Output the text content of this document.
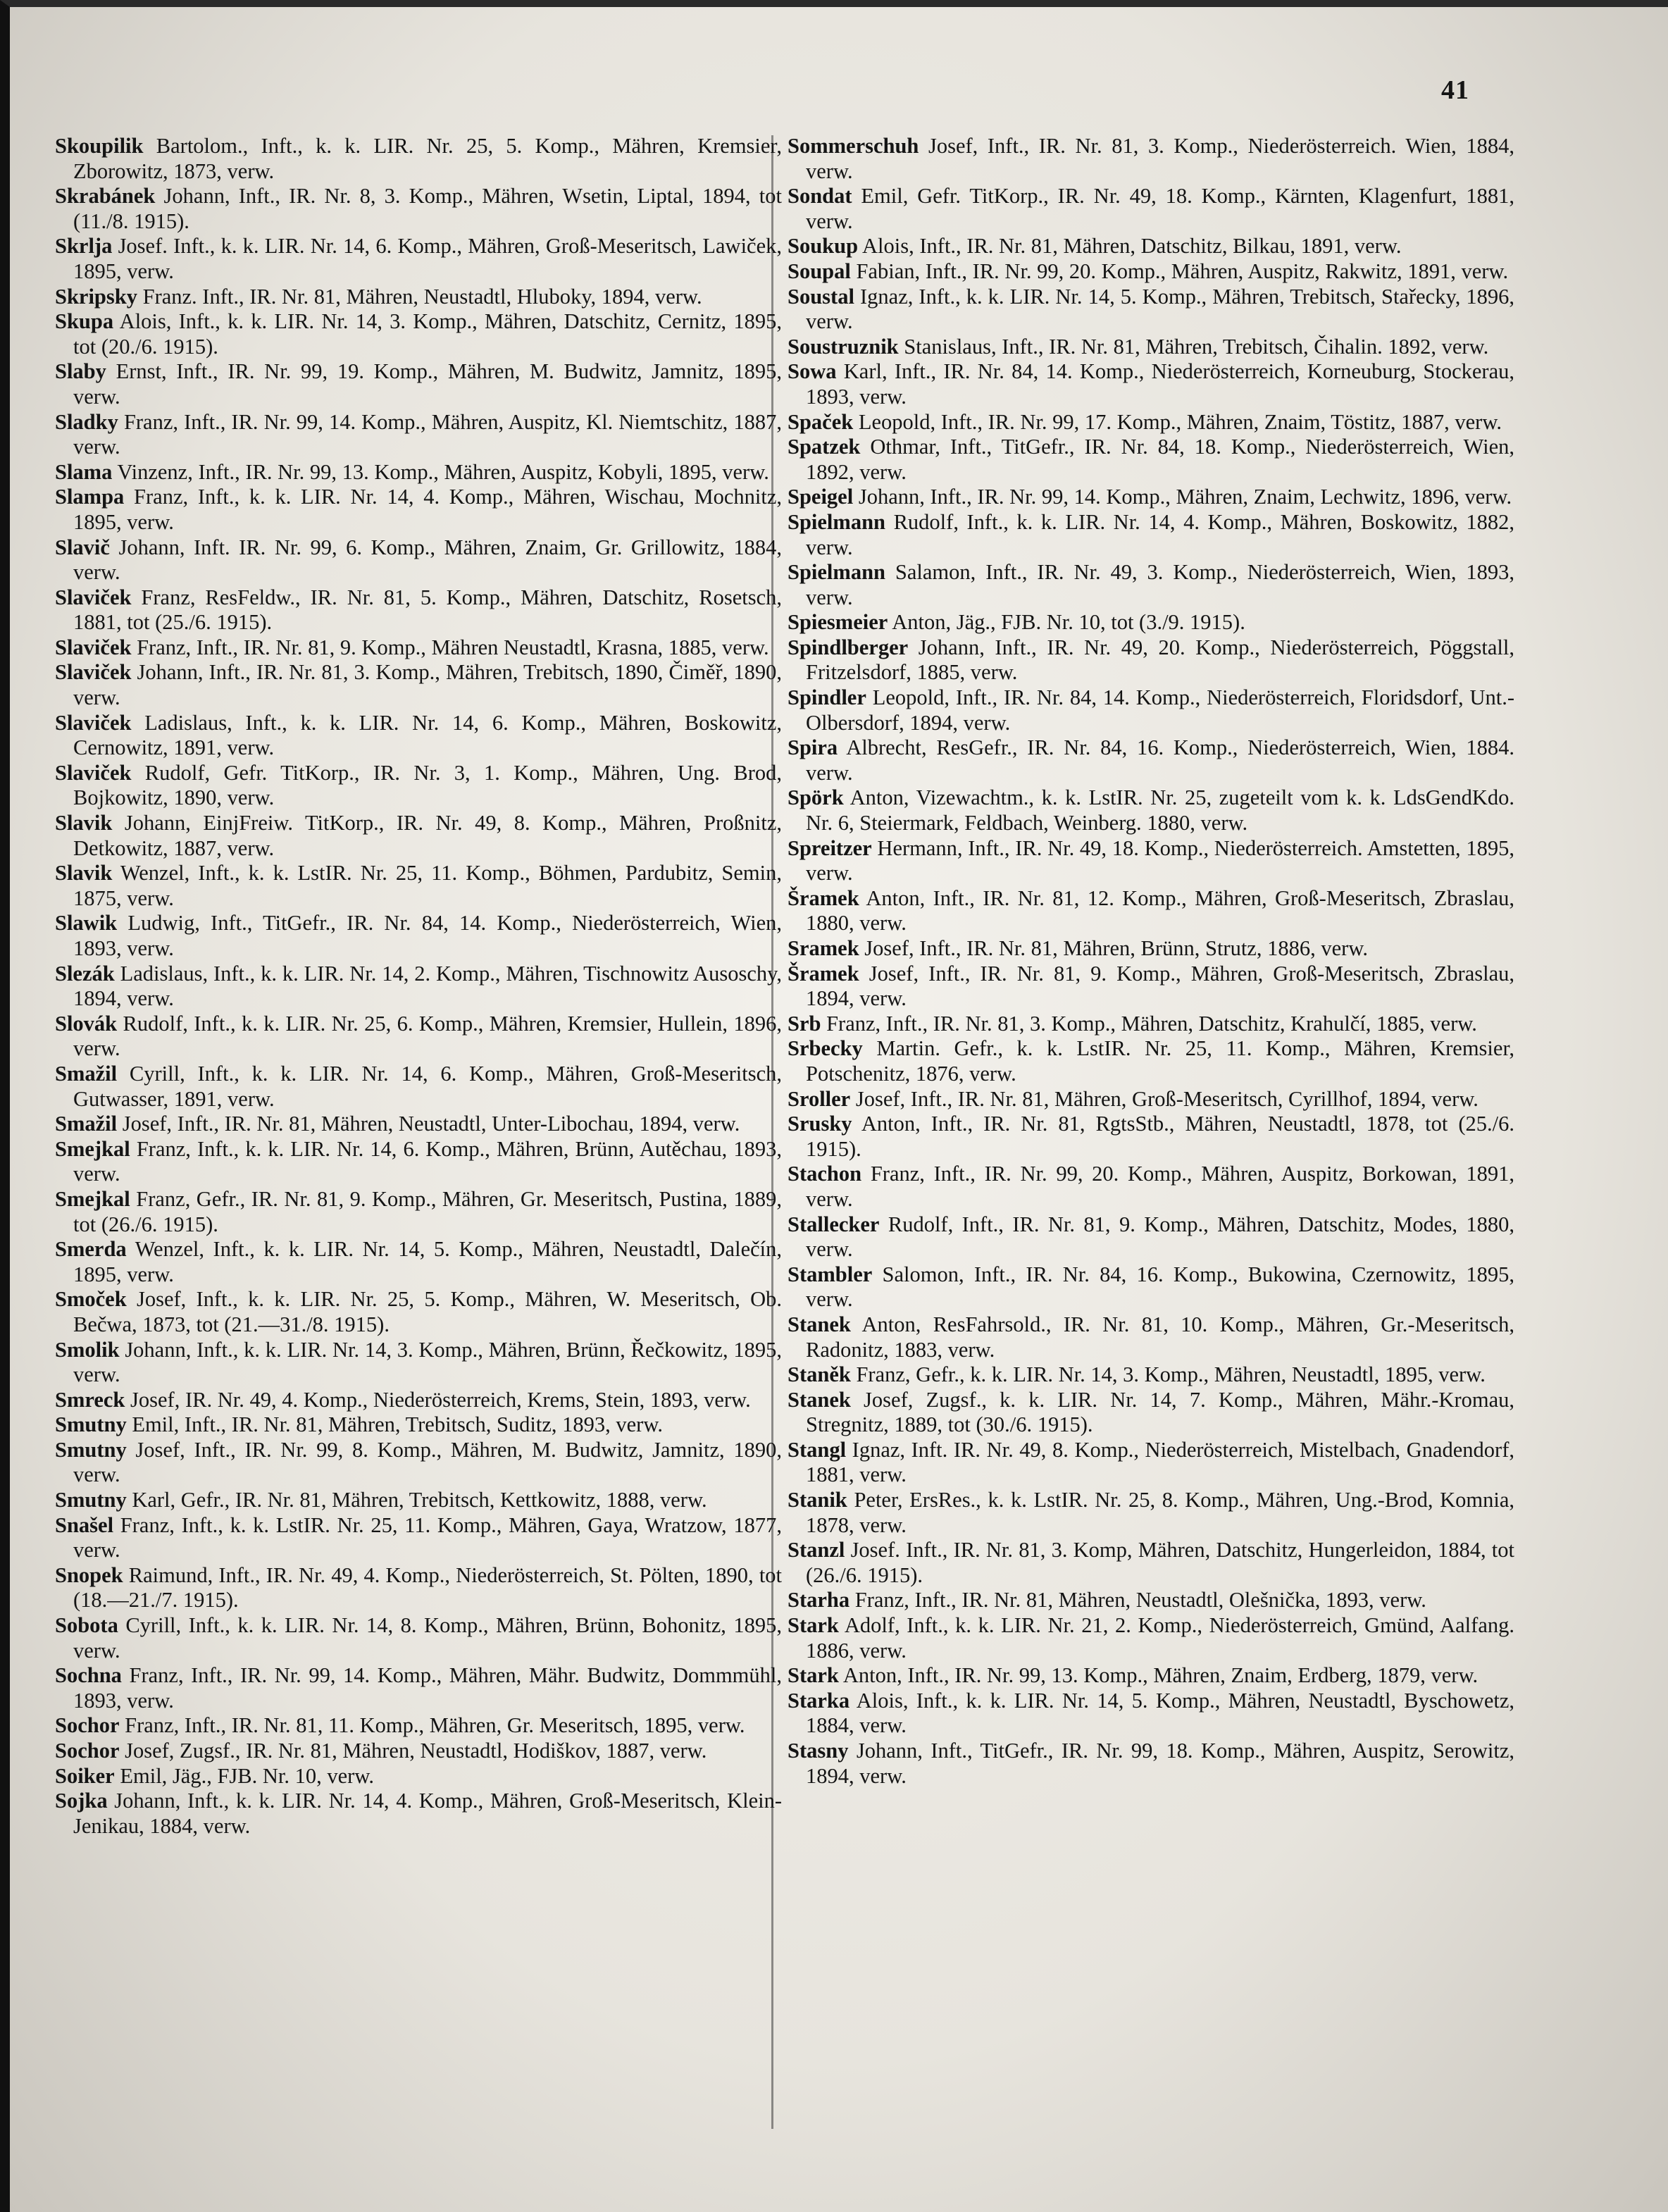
41

Skoupilik Bartolom., Inft., k. k. LIR. Nr. 25, 5. Komp., Mähren, Kremsier, Zborowitz, 1873, verw.

Skrabánek Johann, Inft., IR. Nr. 8, 3. Komp., Mähren, Wsetin, Liptal, 1894, tot (11./8. 1915).

Skrlja Josef. Inft., k. k. LIR. Nr. 14, 6. Komp., Mähren, Groß-Meseritsch, Lawiček, 1895, verw.

Skripsky Franz. Inft., IR. Nr. 81, Mähren, Neustadtl, Hluboky, 1894, verw.

Skupa Alois, Inft., k. k. LIR. Nr. 14, 3. Komp., Mähren, Datschitz, Cernitz, 1895, tot (20./6. 1915).

Slaby Ernst, Inft., IR. Nr. 99, 19. Komp., Mähren, M. Budwitz, Jamnitz, 1895, verw.

Sladky Franz, Inft., IR. Nr. 99, 14. Komp., Mähren, Auspitz, Kl. Niemtschitz, 1887, verw.

Slama Vinzenz, Inft., IR. Nr. 99, 13. Komp., Mähren, Auspitz, Kobyli, 1895, verw.

Slampa Franz, Inft., k. k. LIR. Nr. 14, 4. Komp., Mähren, Wischau, Mochnitz, 1895, verw.

Slavič Johann, Inft. IR. Nr. 99, 6. Komp., Mähren, Znaim, Gr. Grillowitz, 1884, verw.

Slaviček Franz, ResFeldw., IR. Nr. 81, 5. Komp., Mähren, Datschitz, Rosetsch, 1881, tot (25./6. 1915).

Slaviček Franz, Inft., IR. Nr. 81, 9. Komp., Mähren Neustadtl, Krasna, 1885, verw.

Slaviček Johann, Inft., IR. Nr. 81, 3. Komp., Mähren, Trebitsch, 1890, Čiměř, 1890, verw.

Slaviček Ladislaus, Inft., k. k. LIR. Nr. 14, 6. Komp., Mähren, Boskowitz, Cernowitz, 1891, verw.

Slaviček Rudolf, Gefr. TitKorp., IR. Nr. 3, 1. Komp., Mähren, Ung. Brod, Bojkowitz, 1890, verw.

Slavik Johann, EinjFreiw. TitKorp., IR. Nr. 49, 8. Komp., Mähren, Proßnitz, Detkowitz, 1887, verw.

Slavik Wenzel, Inft., k. k. LstIR. Nr. 25, 11. Komp., Böhmen, Pardubitz, Semin, 1875, verw.

Slawik Ludwig, Inft., TitGefr., IR. Nr. 84, 14. Komp., Niederösterreich, Wien, 1893, verw.

Slezák Ladislaus, Inft., k. k. LIR. Nr. 14, 2. Komp., Mähren, Tischnowitz Ausoschy, 1894, verw.

Slovák Rudolf, Inft., k. k. LIR. Nr. 25, 6. Komp., Mähren, Kremsier, Hullein, 1896, verw.

Smažil Cyrill, Inft., k. k. LIR. Nr. 14, 6. Komp., Mähren, Groß-Meseritsch, Gutwasser, 1891, verw.

Smažil Josef, Inft., IR. Nr. 81, Mähren, Neustadtl, Unter-Libochau, 1894, verw.

Smejkal Franz, Inft., k. k. LIR. Nr. 14, 6. Komp., Mähren, Brünn, Autěchau, 1893, verw.

Smejkal Franz, Gefr., IR. Nr. 81, 9. Komp., Mähren, Gr. Meseritsch, Pustina, 1889, tot (26./6. 1915).

Smerda Wenzel, Inft., k. k. LIR. Nr. 14, 5. Komp., Mähren, Neustadtl, Dalečín, 1895, verw.

Smoček Josef, Inft., k. k. LIR. Nr. 25, 5. Komp., Mähren, W. Meseritsch, Ob. Bečwa, 1873, tot (21.—31./8. 1915).

Smolik Johann, Inft., k. k. LIR. Nr. 14, 3. Komp., Mähren, Brünn, Řečkowitz, 1895, verw.

Smreck Josef, IR. Nr. 49, 4. Komp., Niederösterreich, Krems, Stein, 1893, verw.

Smutny Emil, Inft., IR. Nr. 81, Mähren, Trebitsch, Suditz, 1893, verw.

Smutny Josef, Inft., IR. Nr. 99, 8. Komp., Mähren, M. Budwitz, Jamnitz, 1890, verw.

Smutny Karl, Gefr., IR. Nr. 81, Mähren, Trebitsch, Kettkowitz, 1888, verw.

Snašel Franz, Inft., k. k. LstIR. Nr. 25, 11. Komp., Mähren, Gaya, Wratzow, 1877, verw.

Snopek Raimund, Inft., IR. Nr. 49, 4. Komp., Niederösterreich, St. Pölten, 1890, tot (18.—21./7. 1915).

Sobota Cyrill, Inft., k. k. LIR. Nr. 14, 8. Komp., Mähren, Brünn, Bohonitz, 1895, verw.

Sochna Franz, Inft., IR. Nr. 99, 14. Komp., Mähren, Mähr. Budwitz, Dommmühl, 1893, verw.

Sochor Franz, Inft., IR. Nr. 81, 11. Komp., Mähren, Gr. Meseritsch, 1895, verw.

Sochor Josef, Zugsf., IR. Nr. 81, Mähren, Neustadtl, Hodiškov, 1887, verw.

Soiker Emil, Jäg., FJB. Nr. 10, verw.

Sojka Johann, Inft., k. k. LIR. Nr. 14, 4. Komp., Mähren, Groß-Meseritsch, Klein-Jenikau, 1884, verw.

Sommerschuh Josef, Inft., IR. Nr. 81, 3. Komp., Niederösterreich. Wien, 1884, verw.

Sondat Emil, Gefr. TitKorp., IR. Nr. 49, 18. Komp., Kärnten, Klagenfurt, 1881, verw.

Soukup Alois, Inft., IR. Nr. 81, Mähren, Datschitz, Bilkau, 1891, verw.

Soupal Fabian, Inft., IR. Nr. 99, 20. Komp., Mähren, Auspitz, Rakwitz, 1891, verw.

Soustal Ignaz, Inft., k. k. LIR. Nr. 14, 5. Komp., Mähren, Trebitsch, Stařecky, 1896, verw.

Soustruznik Stanislaus, Inft., IR. Nr. 81, Mähren, Trebitsch, Čihalin. 1892, verw.

Sowa Karl, Inft., IR. Nr. 84, 14. Komp., Niederösterreich, Korneuburg, Stockerau, 1893, verw.

Spaček Leopold, Inft., IR. Nr. 99, 17. Komp., Mähren, Znaim, Töstitz, 1887, verw.

Spatzek Othmar, Inft., TitGefr., IR. Nr. 84, 18. Komp., Niederösterreich, Wien, 1892, verw.

Speigel Johann, Inft., IR. Nr. 99, 14. Komp., Mähren, Znaim, Lechwitz, 1896, verw.

Spielmann Rudolf, Inft., k. k. LIR. Nr. 14, 4. Komp., Mähren, Boskowitz, 1882, verw.

Spielmann Salamon, Inft., IR. Nr. 49, 3. Komp., Niederösterreich, Wien, 1893, verw.

Spiesmeier Anton, Jäg., FJB. Nr. 10, tot (3./9. 1915).

Spindlberger Johann, Inft., IR. Nr. 49, 20. Komp., Niederösterreich, Pöggstall, Fritzelsdorf, 1885, verw.

Spindler Leopold, Inft., IR. Nr. 84, 14. Komp., Niederösterreich, Floridsdorf, Unt.-Olbersdorf, 1894, verw.

Spira Albrecht, ResGefr., IR. Nr. 84, 16. Komp., Niederösterreich, Wien, 1884. verw.

Spörk Anton, Vizewachtm., k. k. LstIR. Nr. 25, zugeteilt vom k. k. LdsGendKdo. Nr. 6, Steiermark, Feldbach, Weinberg. 1880, verw.

Spreitzer Hermann, Inft., IR. Nr. 49, 18. Komp., Niederösterreich. Amstetten, 1895, verw.

Šramek Anton, Inft., IR. Nr. 81, 12. Komp., Mähren, Groß-Meseritsch, Zbraslau, 1880, verw.

Sramek Josef, Inft., IR. Nr. 81, Mähren, Brünn, Strutz, 1886, verw.

Šramek Josef, Inft., IR. Nr. 81, 9. Komp., Mähren, Groß-Meseritsch, Zbraslau, 1894, verw.

Srb Franz, Inft., IR. Nr. 81, 3. Komp., Mähren, Datschitz, Krahulčí, 1885, verw.

Srbecky Martin. Gefr., k. k. LstIR. Nr. 25, 11. Komp., Mähren, Kremsier, Potschenitz, 1876, verw.

Sroller Josef, Inft., IR. Nr. 81, Mähren, Groß-Meseritsch, Cyrillhof, 1894, verw.

Srusky Anton, Inft., IR. Nr. 81, RgtsStb., Mähren, Neustadtl, 1878, tot (25./6. 1915).

Stachon Franz, Inft., IR. Nr. 99, 20. Komp., Mähren, Auspitz, Borkowan, 1891, verw.

Stallecker Rudolf, Inft., IR. Nr. 81, 9. Komp., Mähren, Datschitz, Modes, 1880, verw.

Stambler Salomon, Inft., IR. Nr. 84, 16. Komp., Bukowina, Czernowitz, 1895, verw.

Stanek Anton, ResFahrsold., IR. Nr. 81, 10. Komp., Mähren, Gr.-Meseritsch, Radonitz, 1883, verw.

Staněk Franz, Gefr., k. k. LIR. Nr. 14, 3. Komp., Mähren, Neustadtl, 1895, verw.

Stanek Josef, Zugsf., k. k. LIR. Nr. 14, 7. Komp., Mähren, Mähr.-Kromau, Stregnitz, 1889, tot (30./6. 1915).

Stangl Ignaz, Inft. IR. Nr. 49, 8. Komp., Niederösterreich, Mistelbach, Gnadendorf, 1881, verw.

Stanik Peter, ErsRes., k. k. LstIR. Nr. 25, 8. Komp., Mähren, Ung.-Brod, Komnia, 1878, verw.

Stanzl Josef. Inft., IR. Nr. 81, 3. Komp, Mähren, Datschitz, Hungerleidon, 1884, tot (26./6. 1915).

Starha Franz, Inft., IR. Nr. 81, Mähren, Neustadtl, Olešnička, 1893, verw.

Stark Adolf, Inft., k. k. LIR. Nr. 21, 2. Komp., Niederösterreich, Gmünd, Aalfang. 1886, verw.

Stark Anton, Inft., IR. Nr. 99, 13. Komp., Mähren, Znaim, Erdberg, 1879, verw.

Starka Alois, Inft., k. k. LIR. Nr. 14, 5. Komp., Mähren, Neustadtl, Byschowetz, 1884, verw.

Stasny Johann, Inft., TitGefr., IR. Nr. 99, 18. Komp., Mähren, Auspitz, Serowitz, 1894, verw.
